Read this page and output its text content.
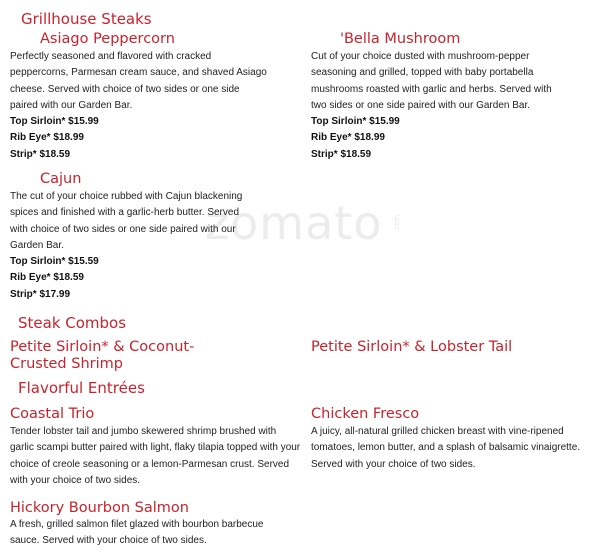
zomato .com
Grillhouse Steaks
Asiago Peppercorn
Perfectly seasoned and flavored with cracked peppercorns, Parmesan cream sauce, and shaved Asiago cheese. Served with choice of two sides or one side paired with our Garden Bar.
Top Sirloin* $15.99
Rib Eye* $18.99
Strip* $18.59
'Bella Mushroom
Cut of your choice dusted with mushroom-pepper seasoning and grilled, topped with baby portabella mushrooms roasted with garlic and herbs. Served with two sides or one side paired with our Garden Bar.
Top Sirloin* $15.99
Rib Eye* $18.99
Strip* $18.59
Cajun
The cut of your choice rubbed with Cajun blackening spices and finished with a garlic-herb butter. Served with choice of two sides or one side paired with our Garden Bar.
Top Sirloin* $15.59
Rib Eye* $18.59
Strip* $17.99
Steak Combos
Petite Sirloin* & Coconut-Crusted Shrimp
Petite Sirloin* & Lobster Tail
Flavorful Entrées
Coastal Trio
Tender lobster tail and jumbo skewered shrimp brushed with garlic scampi butter paired with light, flaky tilapia topped with your choice of creole seasoning or a lemon-Parmesan crust. Served with your choice of two sides.
Chicken Fresco
A juicy, all-natural grilled chicken breast with vine-ripened tomatoes, lemon butter, and a splash of balsamic vinaigrette. Served with your choice of two sides.
Hickory Bourbon Salmon
A fresh, grilled salmon filet glazed with bourbon barbecue sauce. Served with your choice of two sides.
